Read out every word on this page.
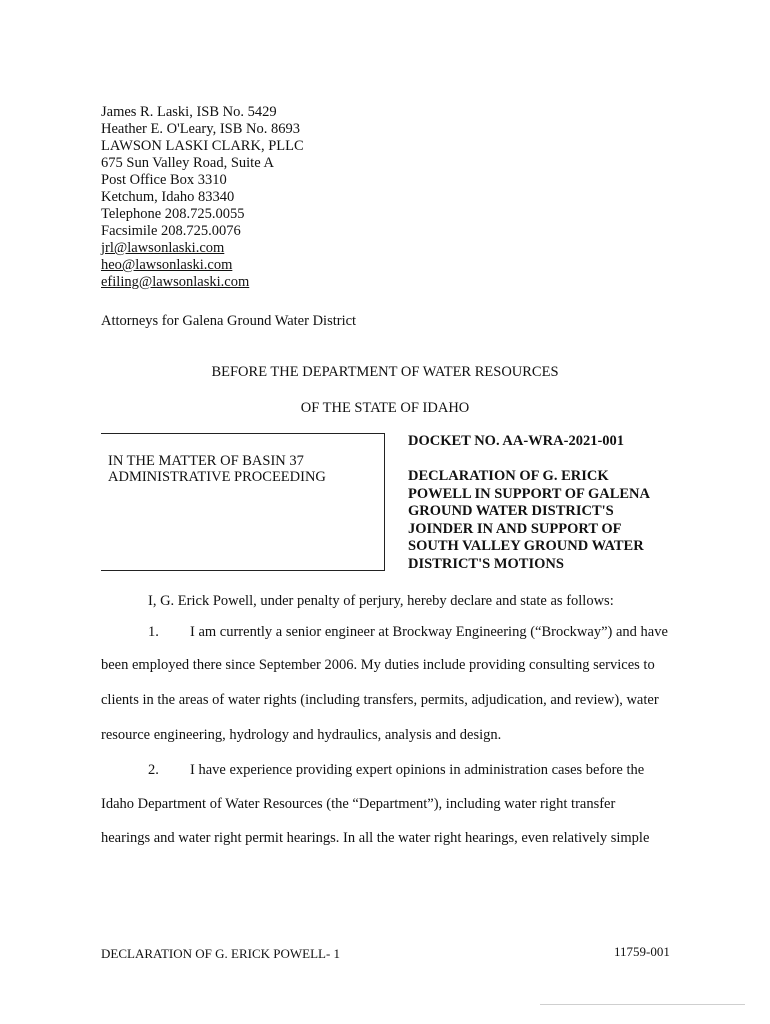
James R. Laski, ISB No. 5429
Heather E. O'Leary, ISB No. 8693
LAWSON LASKI CLARK, PLLC
675 Sun Valley Road, Suite A
Post Office Box 3310
Ketchum, Idaho 83340
Telephone 208.725.0055
Facsimile 208.725.0076
jrl@lawsonlaski.com
heo@lawsonlaski.com
efiling@lawsonlaski.com
Attorneys for Galena Ground Water District
BEFORE THE DEPARTMENT OF WATER RESOURCES
OF THE STATE OF IDAHO
IN THE MATTER OF BASIN 37
ADMINISTRATIVE PROCEEDING
DOCKET NO. AA-WRA-2021-001
DECLARATION OF G. ERICK
POWELL IN SUPPORT OF GALENA
GROUND WATER DISTRICT'S
JOINDER IN AND SUPPORT OF
SOUTH VALLEY GROUND WATER
DISTRICT'S MOTIONS
I, G. Erick Powell, under penalty of perjury, hereby declare and state as follows:
1. I am currently a senior engineer at Brockway Engineering (“Brockway”) and have
been employed there since September 2006. My duties include providing consulting services to
clients in the areas of water rights (including transfers, permits, adjudication, and review), water
resource engineering, hydrology and hydraulics, analysis and design.
2. I have experience providing expert opinions in administration cases before the
Idaho Department of Water Resources (the “Department”), including water right transfer
hearings and water right permit hearings. In all the water right hearings, even relatively simple
DECLARATION OF G. ERICK POWELL- 1	11759-001
